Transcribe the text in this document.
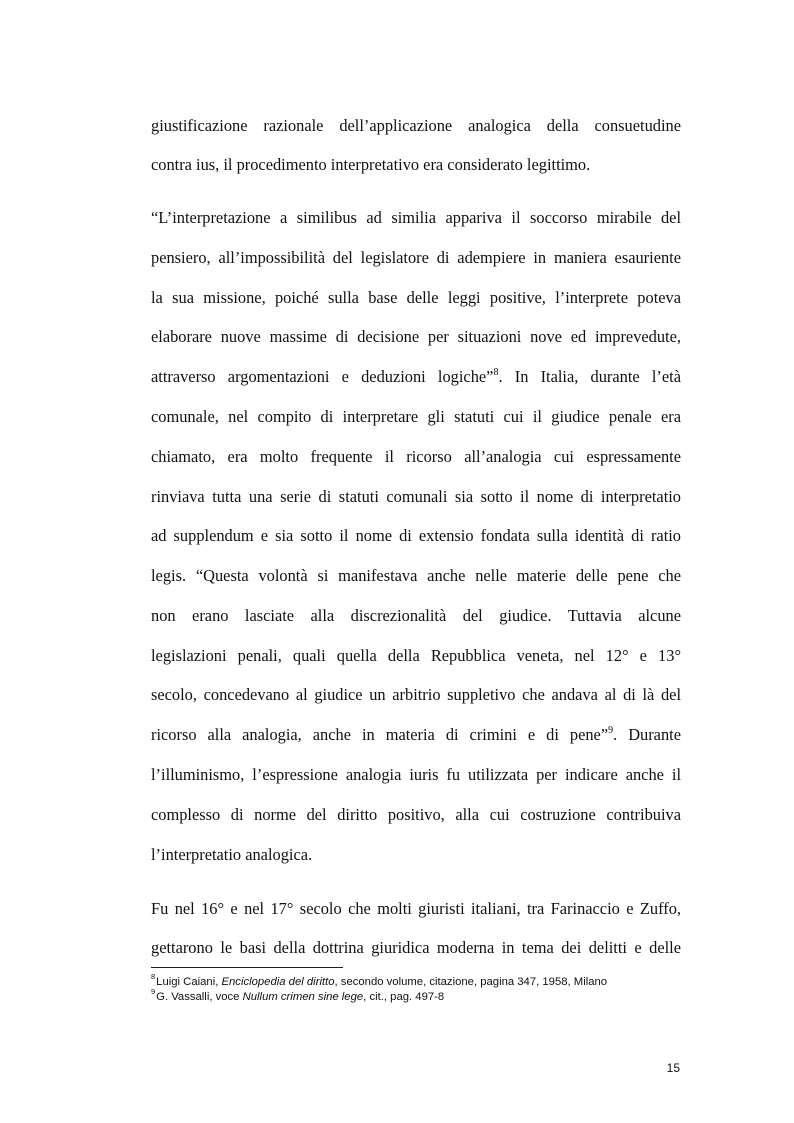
giustificazione razionale dell’applicazione analogica della consuetudine
contra ius, il procedimento interpretativo era considerato legittimo.
“L’interpretazione a similibus ad similia appariva il soccorso mirabile del
pensiero, all’impossibilità del legislatore di adempiere in maniera esauriente
la sua missione, poiché sulla base delle leggi positive, l’interprete poteva
elaborare nuove massime di decisione per situazioni nove ed imprevedute,
attraverso argomentazioni e deduzioni logiche”$^8$. In Italia, durante l’età
comunale, nel compito di interpretare gli statuti cui il giudice penale era
chiamato, era molto frequente il ricorso all’analogia cui espressamente
rinviava tutta una serie di statuti comunali sia sotto il nome di interpretatio
ad supplendum e sia sotto il nome di extensio fondata sulla identità di ratio
legis. “Questa volontà si manifestava anche nelle materie delle pene che
non erano lasciate alla discrezionalità del giudice. Tuttavia alcune
legislazioni penali, quali quella della Repubblica veneta, nel 12° e 13°
secolo, concedevano al giudice un arbitrio suppletivo che andava al di là del
ricorso alla analogia, anche in materia di crimini e di pene”$^9$. Durante
l’illuminismo, l’espressione analogia iuris fu utilizzata per indicare anche il
complesso di norme del diritto positivo, alla cui costruzione contribuiva
l’interpretatio analogica.
Fu nel 16° e nel 17° secolo che molti giuristi italiani, tra Farinaccio e Zuffo,
gettarono le basi della dottrina giuridica moderna in tema dei delitti e delle
$^8$Luigi Caiani, Enciclopedia del diritto, secondo volume, citazione, pagina 347, 1958, Milano
$^9$G. Vassalli, voce Nullum crimen sine lege, cit., pag. 497-8
15
